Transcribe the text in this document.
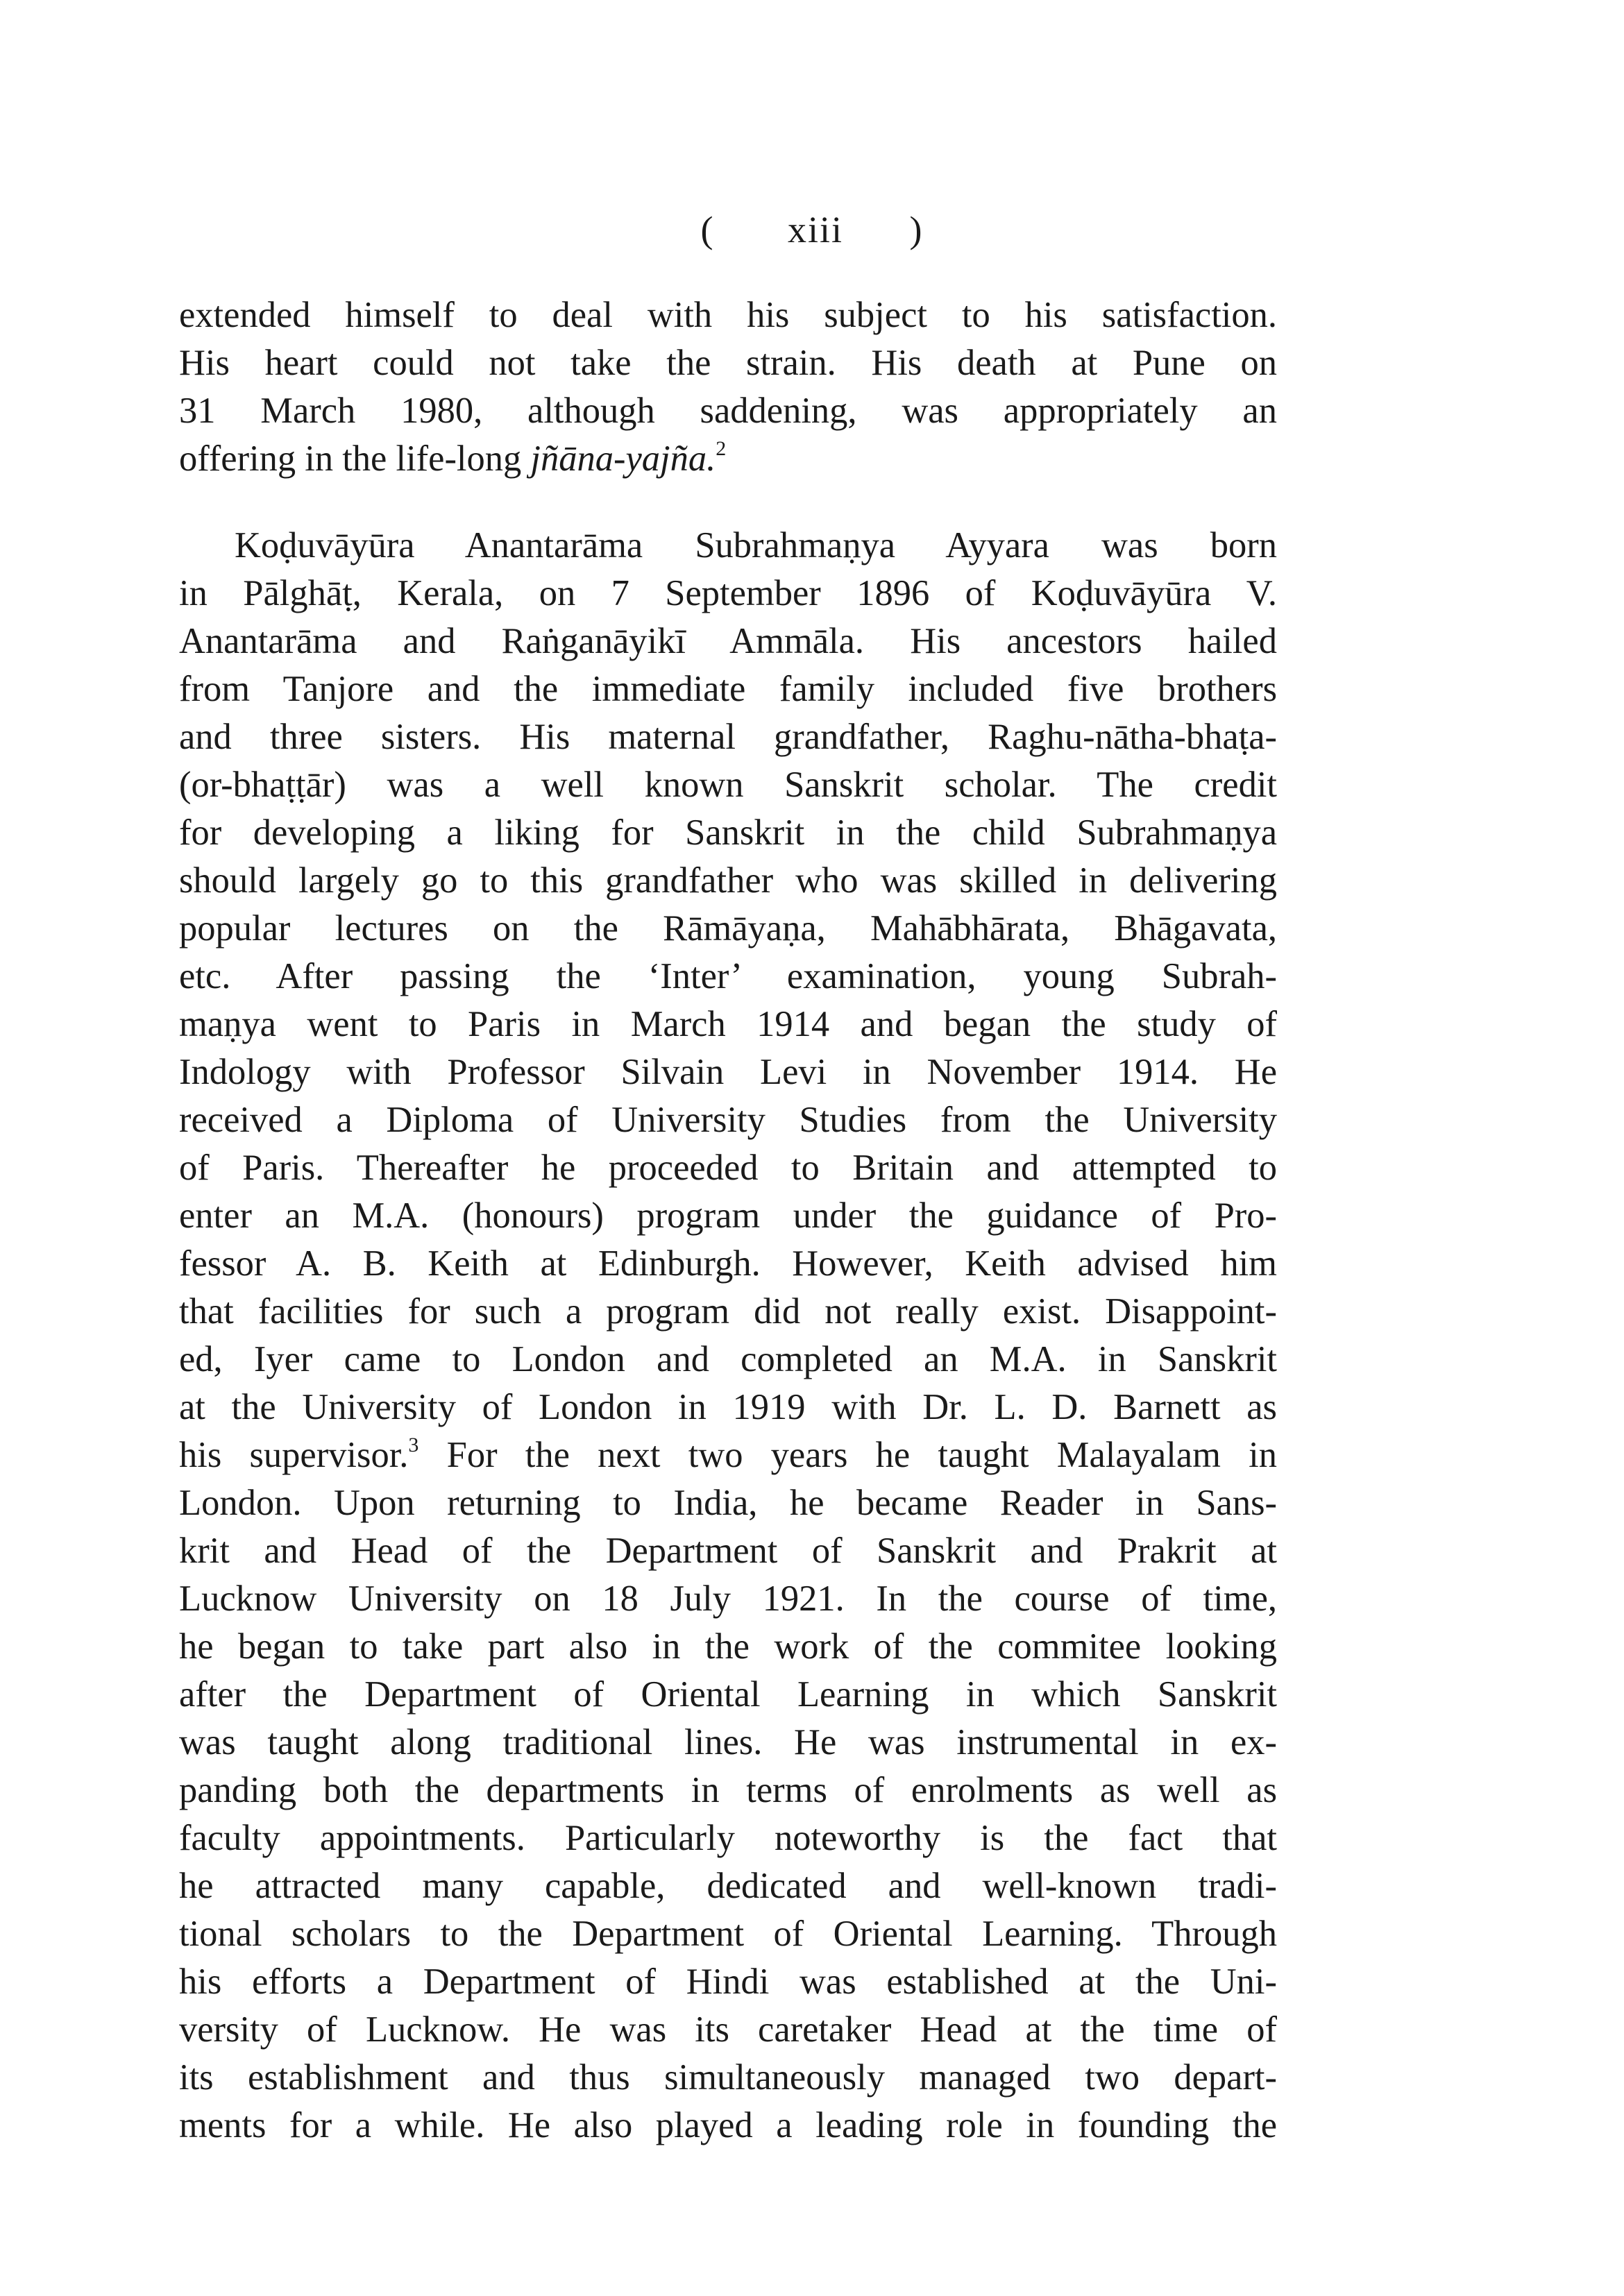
( xiii )
extended himself to deal with his subject to his satisfaction.
His heart could not take the strain. His death at Pune on
31 March 1980, although saddening, was appropriately an
offering in the life-long jñāna-yajña.$^2$
Koḍuvāyūra Anantarāma Subrahmaṇya Ayyara was born
in Pālghāṭ, Kerala, on 7 September 1896 of Koḍuvāyūra V.
Anantarāma and Raṅganāyikī Ammāla. His ancestors hailed
from Tanjore and the immediate family included five brothers
and three sisters. His maternal grandfather, Raghu-nātha-bhaṭa-
(or-bhaṭṭār) was a well known Sanskrit scholar. The credit
for developing a liking for Sanskrit in the child Subrahmaṇya
should largely go to this grandfather who was skilled in delivering
popular lectures on the Rāmāyaṇa, Mahābhārata, Bhāgavata,
etc. After passing the ‘Inter’ examination, young Subrah-
maṇya went to Paris in March 1914 and began the study of
Indology with Professor Silvain Levi in November 1914. He
received a Diploma of University Studies from the University
of Paris. Thereafter he proceeded to Britain and attempted to
enter an M.A. (honours) program under the guidance of Pro-
fessor A. B. Keith at Edinburgh. However, Keith advised him
that facilities for such a program did not really exist. Disappoint-
ed, Iyer came to London and completed an M.A. in Sanskrit
at the University of London in 1919 with Dr. L. D. Barnett as
his supervisor.$^3$ For the next two years he taught Malayalam in
London. Upon returning to India, he became Reader in Sans-
krit and Head of the Department of Sanskrit and Prakrit at
Lucknow University on 18 July 1921. In the course of time,
he began to take part also in the work of the commitee looking
after the Department of Oriental Learning in which Sanskrit
was taught along traditional lines. He was instrumental in ex-
panding both the departments in terms of enrolments as well as
faculty appointments. Particularly noteworthy is the fact that
he attracted many capable, dedicated and well-known tradi-
tional scholars to the Department of Oriental Learning. Through
his efforts a Department of Hindi was established at the Uni-
versity of Lucknow. He was its caretaker Head at the time of
its establishment and thus simultaneously managed two depart-
ments for a while. He also played a leading role in founding the
